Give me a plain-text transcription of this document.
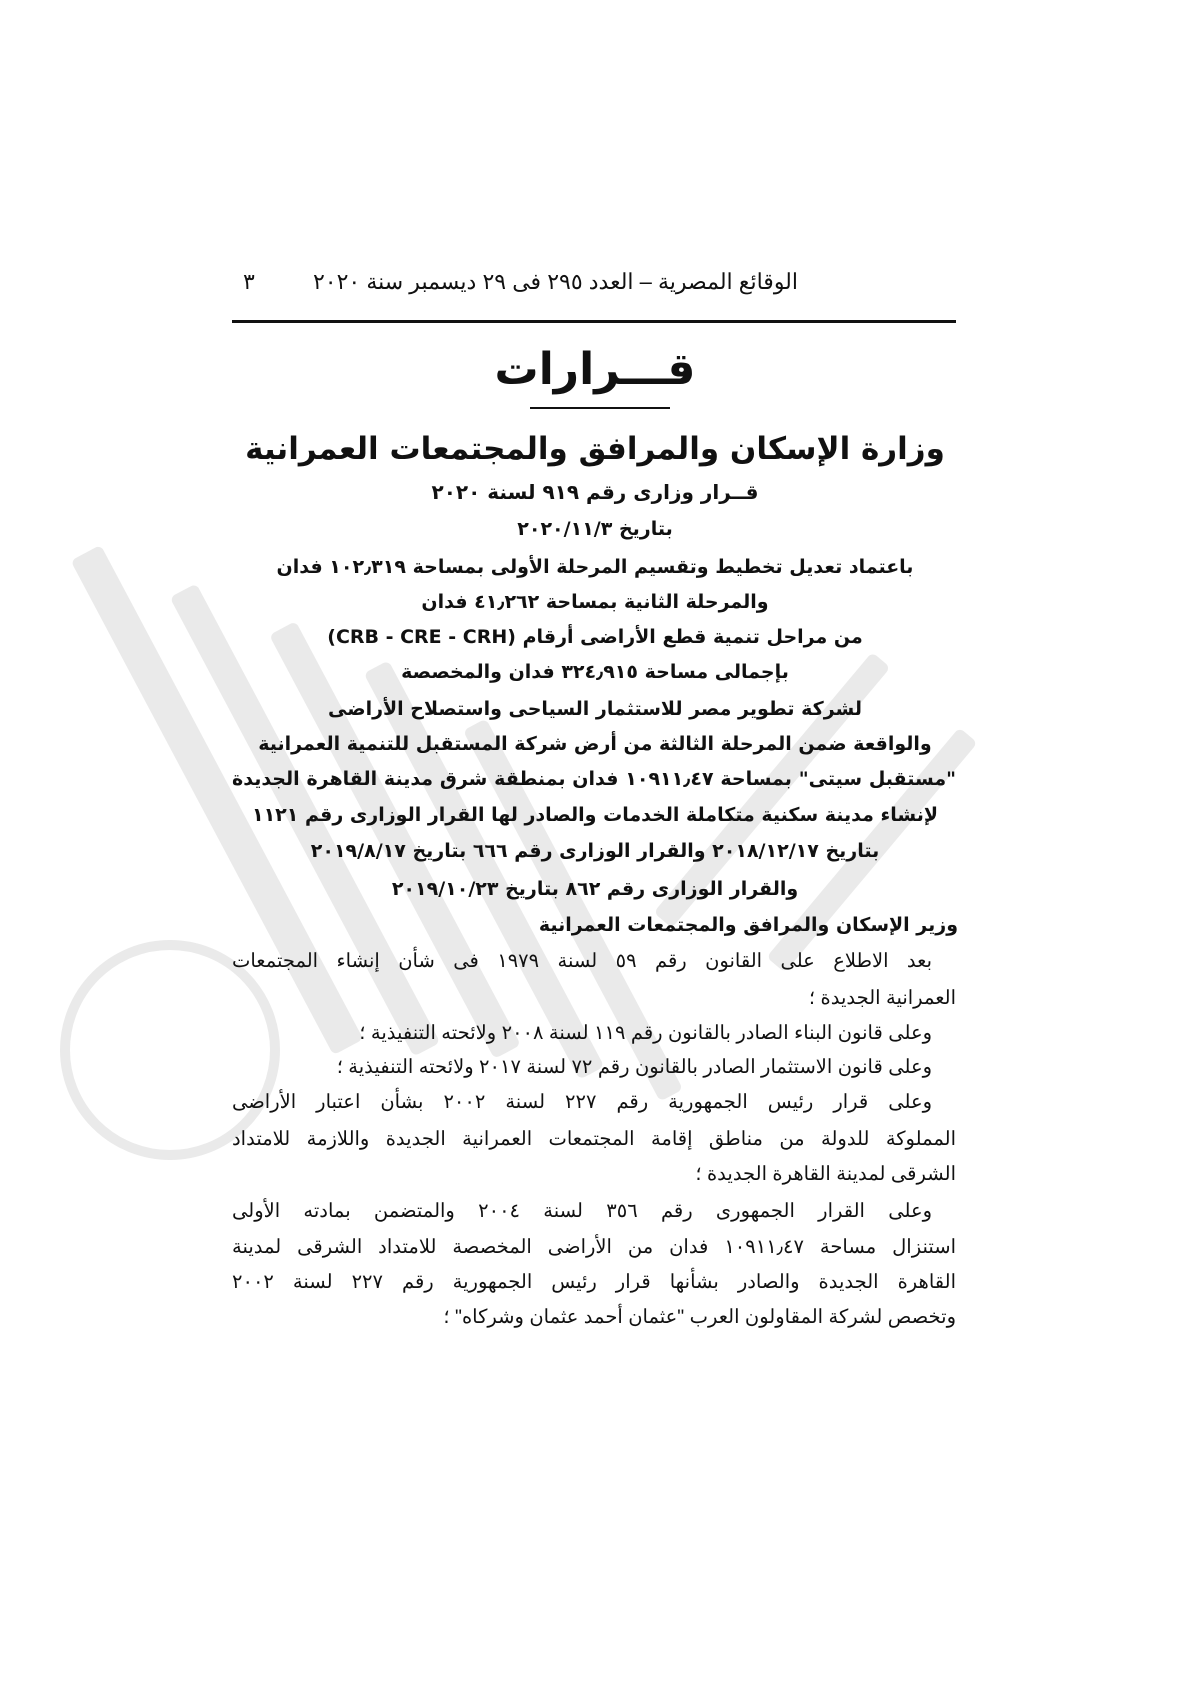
الوقائع المصرية – العدد ٢٩٥ فى ٢٩ ديسمبر سنة ٢٠٢٠
٣
قـــرارات
وزارة الإسكان والمرافق والمجتمعات العمرانية
قــرار وزارى رقم ٩١٩ لسنة ٢٠٢٠
بتاريخ ٢٠٢٠/١١/٣
باعتماد تعديل تخطيط وتقسيم المرحلة الأولى بمساحة ١٠٢٫٣١٩ فدان
والمرحلة الثانية بمساحة ٤١٫٢٦٢ فدان
من مراحل تنمية قطع الأراضى أرقام (CRB - CRE - CRH)
بإجمالى مساحة ٣٢٤٫٩١٥ فدان والمخصصة
لشركة تطوير مصر للاستثمار السياحى واستصلاح الأراضى
والواقعة ضمن المرحلة الثالثة من أرض شركة المستقبل للتنمية العمرانية
"مستقبل سيتى" بمساحة ١٠٩١١٫٤٧ فدان بمنطقة شرق مدينة القاهرة الجديدة
لإنشاء مدينة سكنية متكاملة الخدمات والصادر لها القرار الوزارى رقم ١١٢١
بتاريخ ٢٠١٨/١٢/١٧ والقرار الوزارى رقم ٦٦٦ بتاريخ ٢٠١٩/٨/١٧
والقرار الوزارى رقم ٨٦٢ بتاريخ ٢٠١٩/١٠/٢٣
وزير الإسكان والمرافق والمجتمعات العمرانية
بعد الاطلاع على القانون رقم ٥٩ لسنة ١٩٧٩ فى شأن إنشاء المجتمعات
العمرانية الجديدة ؛
وعلى قانون البناء الصادر بالقانون رقم ١١٩ لسنة ٢٠٠٨ ولائحته التنفيذية ؛
وعلى قانون الاستثمار الصادر بالقانون رقم ٧٢ لسنة ٢٠١٧ ولائحته التنفيذية ؛
وعلى قرار رئيس الجمهورية رقم ٢٢٧ لسنة ٢٠٠٢ بشأن اعتبار الأراضى
المملوكة للدولة من مناطق إقامة المجتمعات العمرانية الجديدة واللازمة للامتداد
الشرقى لمدينة القاهرة الجديدة ؛
وعلى القرار الجمهورى رقم ٣٥٦ لسنة ٢٠٠٤ والمتضمن بمادته الأولى
استنزال مساحة ١٠٩١١٫٤٧ فدان من الأراضى المخصصة للامتداد الشرقى لمدينة
القاهرة الجديدة والصادر بشأنها قرار رئيس الجمهورية رقم ٢٢٧ لسنة ٢٠٠٢
وتخصص لشركة المقاولون العرب "عثمان أحمد عثمان وشركاه" ؛
